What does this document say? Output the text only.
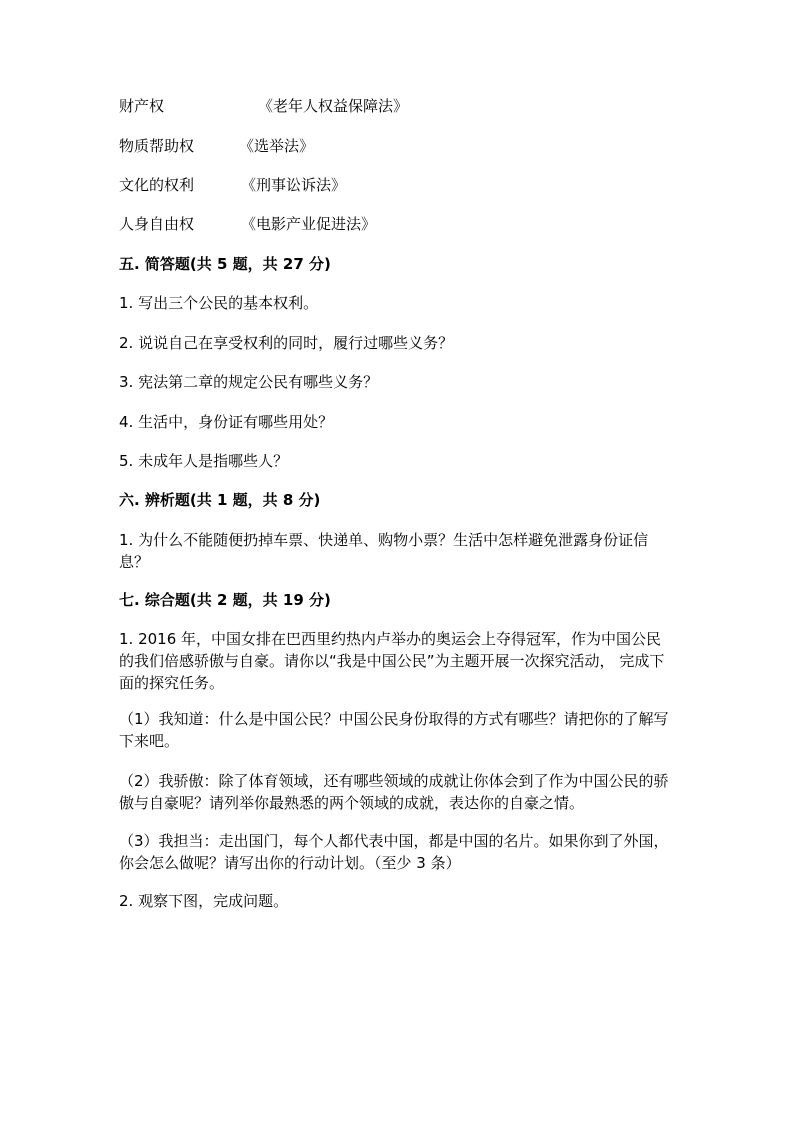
财产权	《老年人权益保障法》
物质帮助权	《选举法》
文化的权利	《刑事讼诉法》
人身自由权	《电影产业促进法》
五. 简答题(共 5 题，共 27 分)
1. 写出三个公民的基本权利。
2. 说说自己在享受权利的同时，履行过哪些义务？
3. 宪法第二章的规定公民有哪些义务？
4. 生活中，身份证有哪些用处？
5. 未成年人是指哪些人？
六. 辨析题(共 1 题，共 8 分)
1. 为什么不能随便扔掉车票、快递单、购物小票？生活中怎样避免泄露身份证信息？
七. 综合题(共 2 题，共 19 分)
1. 2016 年，中国女排在巴西里约热内卢举办的奥运会上夺得冠军，作为中国公民的我们倍感骄傲与自豪。请你以“我是中国公民”为主题开展一次探究活动， 完成下面的探究任务。
（1）我知道：什么是中国公民？中国公民身份取得的方式有哪些？请把你的了解写下来吧。
（2）我骄傲：除了体育领域，还有哪些领域的成就让你体会到了作为中国公民的骄傲与自豪呢？请列举你最熟悉的两个领域的成就，表达你的自豪之情。
（3）我担当：走出国门，每个人都代表中国，都是中国的名片。如果你到了外国，你会怎么做呢？请写出你的行动计划。（至少 3 条）
2. 观察下图，完成问题。
